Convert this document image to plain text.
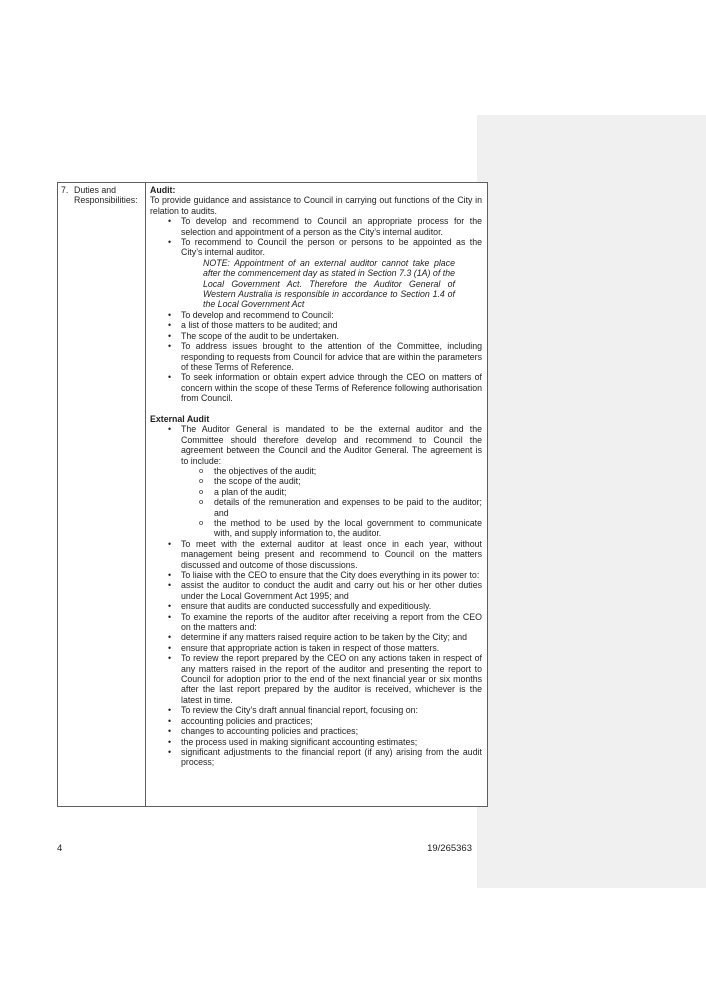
7. Duties and
Responsibilities:
Audit:
To provide guidance and assistance to Council in carrying out functions of the City in relation to audits.
• To develop and recommend to Council an appropriate process for the selection and appointment of a person as the City’s internal auditor.
• To recommend to Council the person or persons to be appointed as the City’s internal auditor.
NOTE: Appointment of an external auditor cannot take place after the commencement day as stated in Section 7.3 (1A) of the Local Government Act. Therefore the Auditor General of Western Australia is responsible in accordance to Section 1.4 of the Local Government Act
• To develop and recommend to Council:
• a list of those matters to be audited; and
• The scope of the audit to be undertaken.
• To address issues brought to the attention of the Committee, including responding to requests from Council for advice that are within the parameters of these Terms of Reference.
• To seek information or obtain expert advice through the CEO on matters of concern within the scope of these Terms of Reference following authorisation from Council.
External Audit
• The Auditor General is mandated to be the external auditor and the Committee should therefore develop and recommend to Council the agreement between the Council and the Auditor General. The agreement is to include:
o the objectives of the audit;
o the scope of the audit;
o a plan of the audit;
o details of the remuneration and expenses to be paid to the auditor; and
o the method to be used by the local government to communicate with, and supply information to, the auditor.
• To meet with the external auditor at least once in each year, without management being present and recommend to Council on the matters discussed and outcome of those discussions.
• To liaise with the CEO to ensure that the City does everything in its power to:
• assist the auditor to conduct the audit and carry out his or her other duties under the Local Government Act 1995; and
• ensure that audits are conducted successfully and expeditiously.
• To examine the reports of the auditor after receiving a report from the CEO on the matters and:
• determine if any matters raised require action to be taken by the City; and
• ensure that appropriate action is taken in respect of those matters.
• To review the report prepared by the CEO on any actions taken in respect of any matters raised in the report of the auditor and presenting the report to Council for adoption prior to the end of the next financial year or six months after the last report prepared by the auditor is received, whichever is the latest in time.
• To review the City’s draft annual financial report, focusing on:
• accounting policies and practices;
• changes to accounting policies and practices;
• the process used in making significant accounting estimates;
• significant adjustments to the financial report (if any) arising from the audit process;
4	19/265363
